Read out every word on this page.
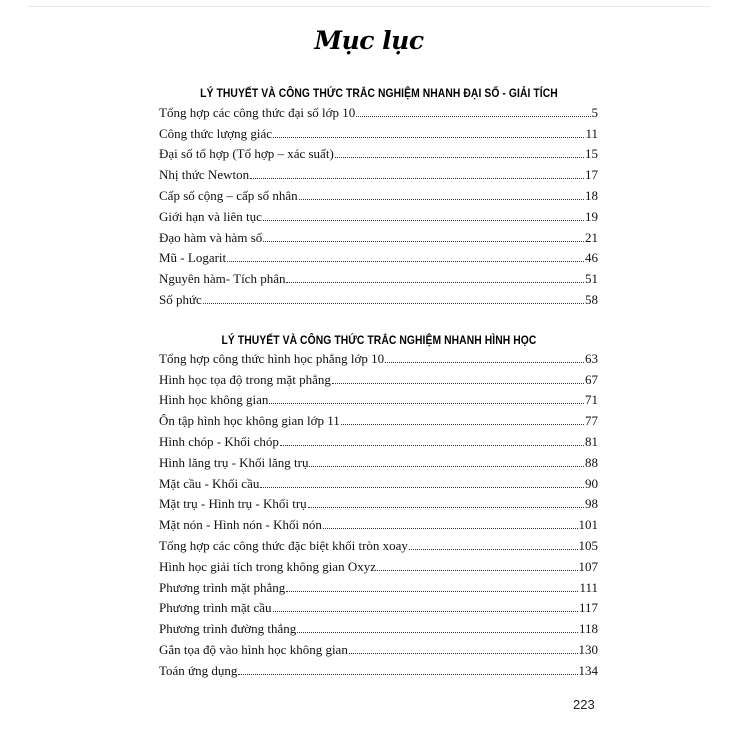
Mục lục
LÝ THUYẾT VÀ CÔNG THỨC TRẮC NGHIỆM NHANH ĐẠI SỐ - GIẢI TÍCH
Tổng hợp các công thức đại số lớp 10	5
Công thức lượng giác	11
Đại số tổ hợp (Tổ hợp – xác suất)	15
Nhị thức Newton	17
Cấp số cộng – cấp số nhân	18
Giới hạn và liên tục	19
Đạo hàm và hàm số	21
Mũ - Logarit	46
Nguyên hàm- Tích phân	51
Số phức	58
LÝ THUYẾT VÀ CÔNG THỨC TRẮC NGHIỆM NHANH HÌNH HỌC
Tổng hợp công thức hình học phẳng lớp 10	63
Hình học tọa độ trong mặt phẳng	67
Hình học không gian	71
Ôn tập hình học không gian lớp 11	77
Hình chóp - Khối chóp	81
Hình lăng trụ - Khối lăng trụ	88
Mặt cầu - Khối cầu	90
Mặt trụ - Hình trụ - Khối trụ	98
Mặt nón - Hình nón - Khối nón	101
Tổng hợp các công thức đặc biệt khối tròn xoay	105
Hình học giải tích trong không gian Oxyz	107
Phương trình mặt phẳng	111
Phương trình mặt cầu	117
Phương trình đường thẳng	118
Gắn tọa độ vào hình học không gian	130
Toán ứng dụng	134
223
